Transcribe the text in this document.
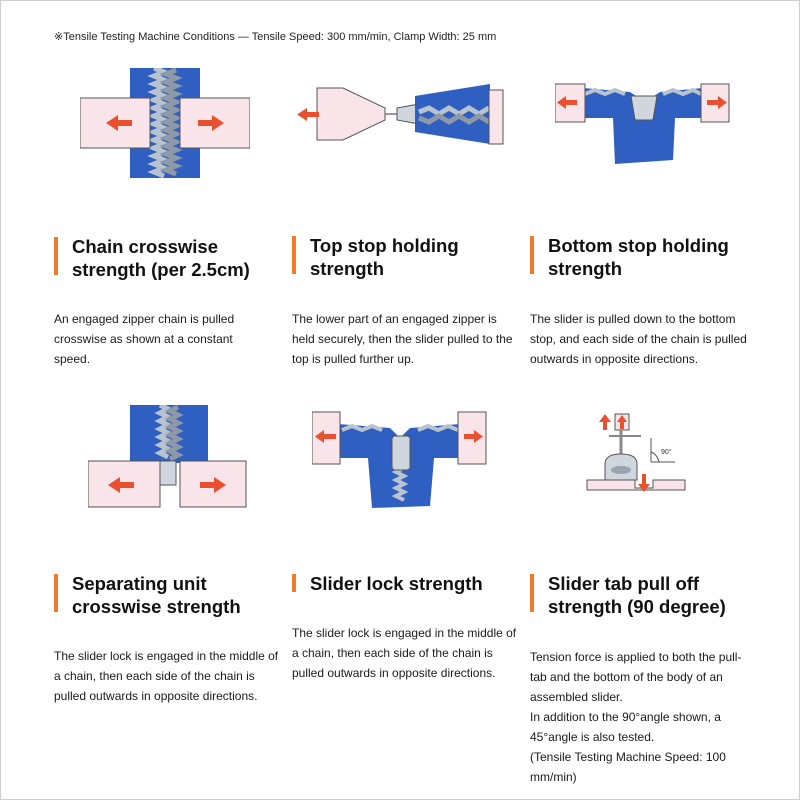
※Tensile Testing Machine Conditions — Tensile Speed: 300 mm/min, Clamp Width: 25 mm
90°
Chain crosswise strength (per 2.5cm)
Top stop holding strength
Bottom stop holding strength
Separating unit crosswise strength
Slider lock strength	Slider tab pull off strength (90 degree)
An engaged zipper chain is pulled crosswise as shown at a constant speed.
The lower part of an engaged zipper is held securely, then the slider pulled to the top is pulled further up.
The slider is pulled down to the bottom stop, and each side of the chain is pulled outwards in opposite directions.
The slider lock is engaged in the middle of a chain, then each side of the chain is pulled outwards in opposite directions.
The slider lock is engaged in the middle of a chain, then each side of the chain is pulled outwards in opposite directions.
Tension force is applied to both the pull-tab and the bottom of the body of an assembled slider.
In addition to the 90°angle shown, a 45°angle is also tested.
(Tensile Testing Machine Speed: 100 mm/min)
